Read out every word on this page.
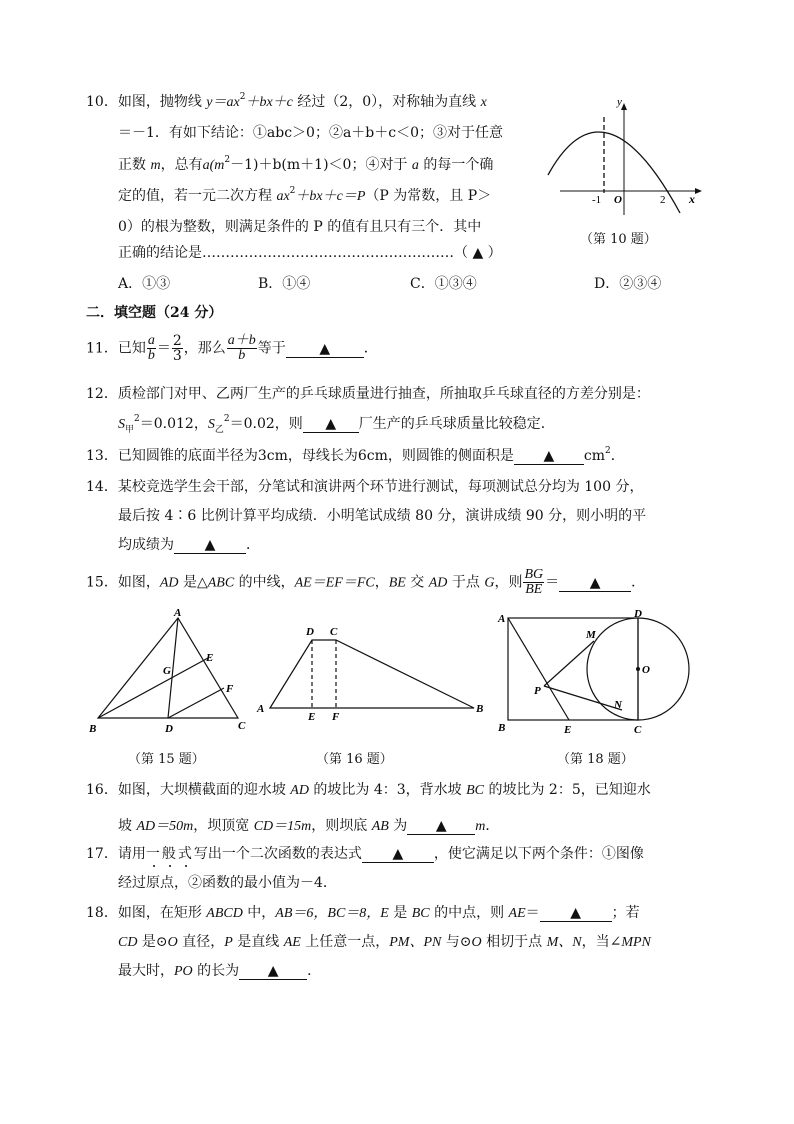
10．如图，抛物线 $y=ax^2+bx+c$ 经过（2，0），对称轴为直线 x
＝－1．有如下结论：①abc＞0；②a＋b＋c＜0；③对于任意
正数 m，总有$a(m^2-1)+b(m+1)<0$；④对于 a 的每一个确
定的值，若一元二次方程 $ax^2+bx+c=P(P$ 为常数，且 P＞
0）的根为整数，则满足条件的 P 的值有且只有三个．其中
正确的结论是………………………………………………（ ▲ ）
A．①③	B．①④	C．①③④	D．②③④
y
x
-1 O	2
（第 10 题）
二．填空题（24 分）
11．已知 $\frac{a}{b} = \frac{2}{3}$ ，那么 $\frac{a+b}{b}$ 等于 ▲ ．
12．质检部门对甲、乙两厂生产的乒乓球质量进行抽查，所抽取乒乓球直径的方差分别是：
$S_甲^2=0.012$，$S_乙^2=0.02$，则 ▲ 厂生产的乒乓球质量比较稳定．
13．已知圆锥的底面半径为3cm，母线长为6cm，则圆锥的侧面积是 ▲ $cm^2$．
14．某校竞选学生会干部，分笔试和演讲两个环节进行测试，每项测试总分均为 100 分，
最后按 4∶6 比例计算平均成绩．小明笔试成绩 80 分，演讲成绩 90 分，则小明的平
均成绩为 ▲ ．
15．如图，AD 是△ABC 的中线，AE＝EF＝FC，BE 交 AD 于点 G，则 $\frac{BG}{BE}$ ＝ ▲ ．
A
B	C
D
E
F
G
（第 15 题）
D C
A	B
E F
（第 16 题）
A
B	C
D
E
M
N
O
P
（第 18 题）
16．如图，大坝横截面的迎水坡 AD 的坡比为 4：3，背水坡 BC 的坡比为 2：5，已知迎水
坡 AD＝50m，坝顶宽 CD＝15m，则坝底 AB 为 ▲ m．
17．请用一般式写出一个二次函数的表达式 ▲ ，使它满足以下两个条件：①图像
经过原点，②函数的最小值为－4．
18．如图，在矩形 ABCD 中，AB＝6，BC＝8，E 是 BC 的中点，则 AE＝ ▲ ；若
CD 是⊙O 直径，P 是直线 AE 上任意一点，PM、PN 与⊙O 相切于点 M、N，当∠MPN
最大时，PO 的长为 ▲ ．
